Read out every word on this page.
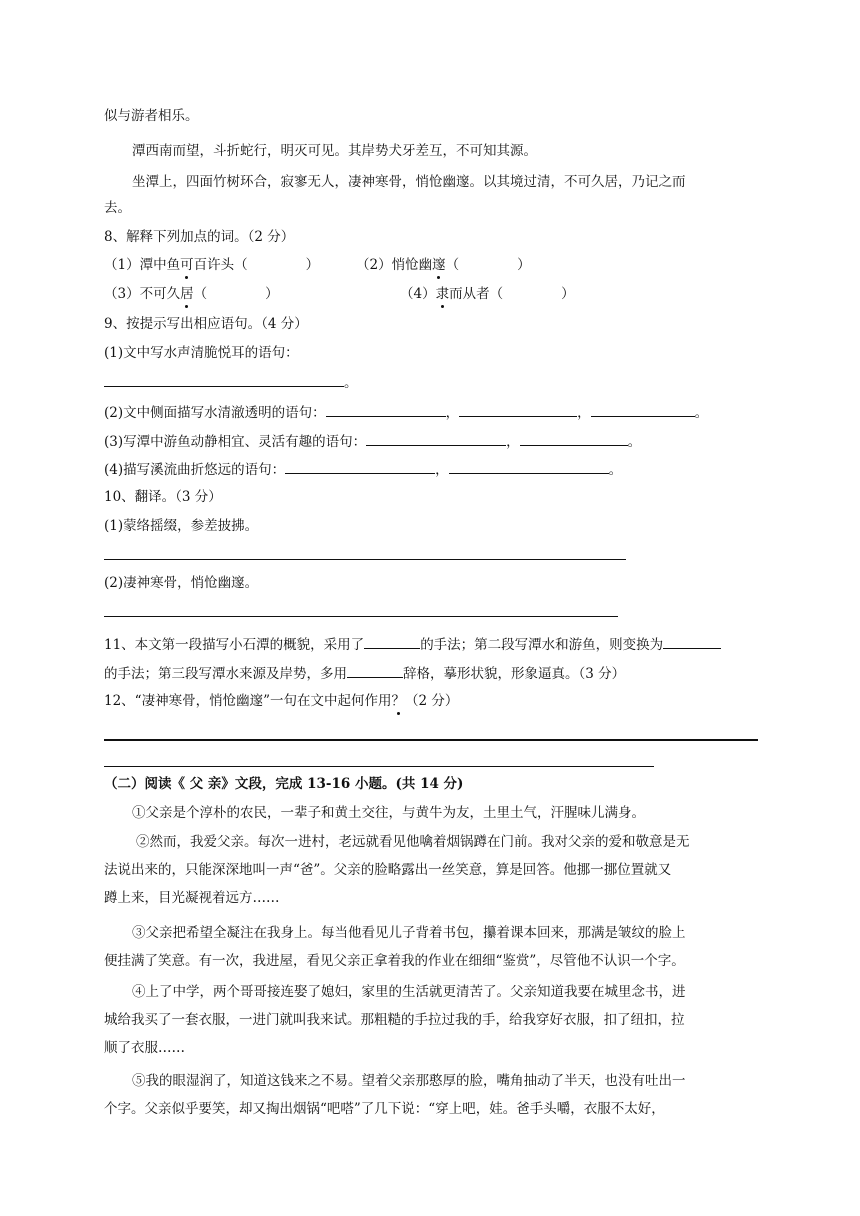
似与游者相乐。
潭西南而望，斗折蛇行，明灭可见。其岸势犬牙差互，不可知其源。
坐潭上，四面竹树环合，寂寥无人，凄神寒骨，悄怆幽邃。以其境过清，不可久居，乃记之而
去。
8、解释下列加点的词。（2 分）
（1）潭中鱼可百许头（	）	（2）悄怆幽邃（	）
（3）不可久居（	）	（4）隶而从者（	）
9、按提示写出相应语句。（4 分）
(1)文中写水声清脆悦耳的语句：
。
(2)文中侧面描写水清澈透明的语句：	，	，	。
(3)写潭中游鱼动静相宜、灵活有趣的语句：	，	。
(4)描写溪流曲折悠远的语句：	，	。
10、翻译。（3 分）
(1)蒙络摇缀，参差披拂。
(2)凄神寒骨，悄怆幽邃。
11、本文第一段描写小石潭的概貌，采用了	的手法；第二段写潭水和游鱼，则变换为
的手法；第三段写潭水来源及岸势，多用	辞格，摹形状貌，形象逼真。（3 分）
12、“凄神寒骨，悄怆幽邃”一句在文中起何作用？（2 分）
（二）阅读《 父 亲》文段，完成 13-16 小题。(共 14 分)
①父亲是个淳朴的农民，一辈子和黄土交往，与黄牛为友，土里土气，汗腥味儿满身。
②然而，我爱父亲。每次一进村，老远就看见他噙着烟锅蹲在门前。我对父亲的爱和敬意是无
法说出来的，只能深深地叫一声“爸”。父亲的脸略露出一丝笑意，算是回答。他挪一挪位置就又
蹲上来，目光凝视着远方……
③父亲把希望全凝注在我身上。每当他看见儿子背着书包，攥着课本回来，那满是皱纹的脸上
便挂满了笑意。有一次，我进屋，看见父亲正拿着我的作业在细细“鉴赏”，尽管他不认识一个字。
④上了中学，两个哥哥接连娶了媳妇，家里的生活就更清苦了。父亲知道我要在城里念书，进
城给我买了一套衣服，一进门就叫我来试。那粗糙的手拉过我的手，给我穿好衣服，扣了纽扣，拉
顺了衣服……
⑤我的眼湿润了，知道这钱来之不易。望着父亲那憨厚的脸，嘴角抽动了半天，也没有吐出一
个字。父亲似乎要笑，却又掏出烟锅“吧嗒”了几下说：“穿上吧，娃。爸手头嚼，衣服不太好，
